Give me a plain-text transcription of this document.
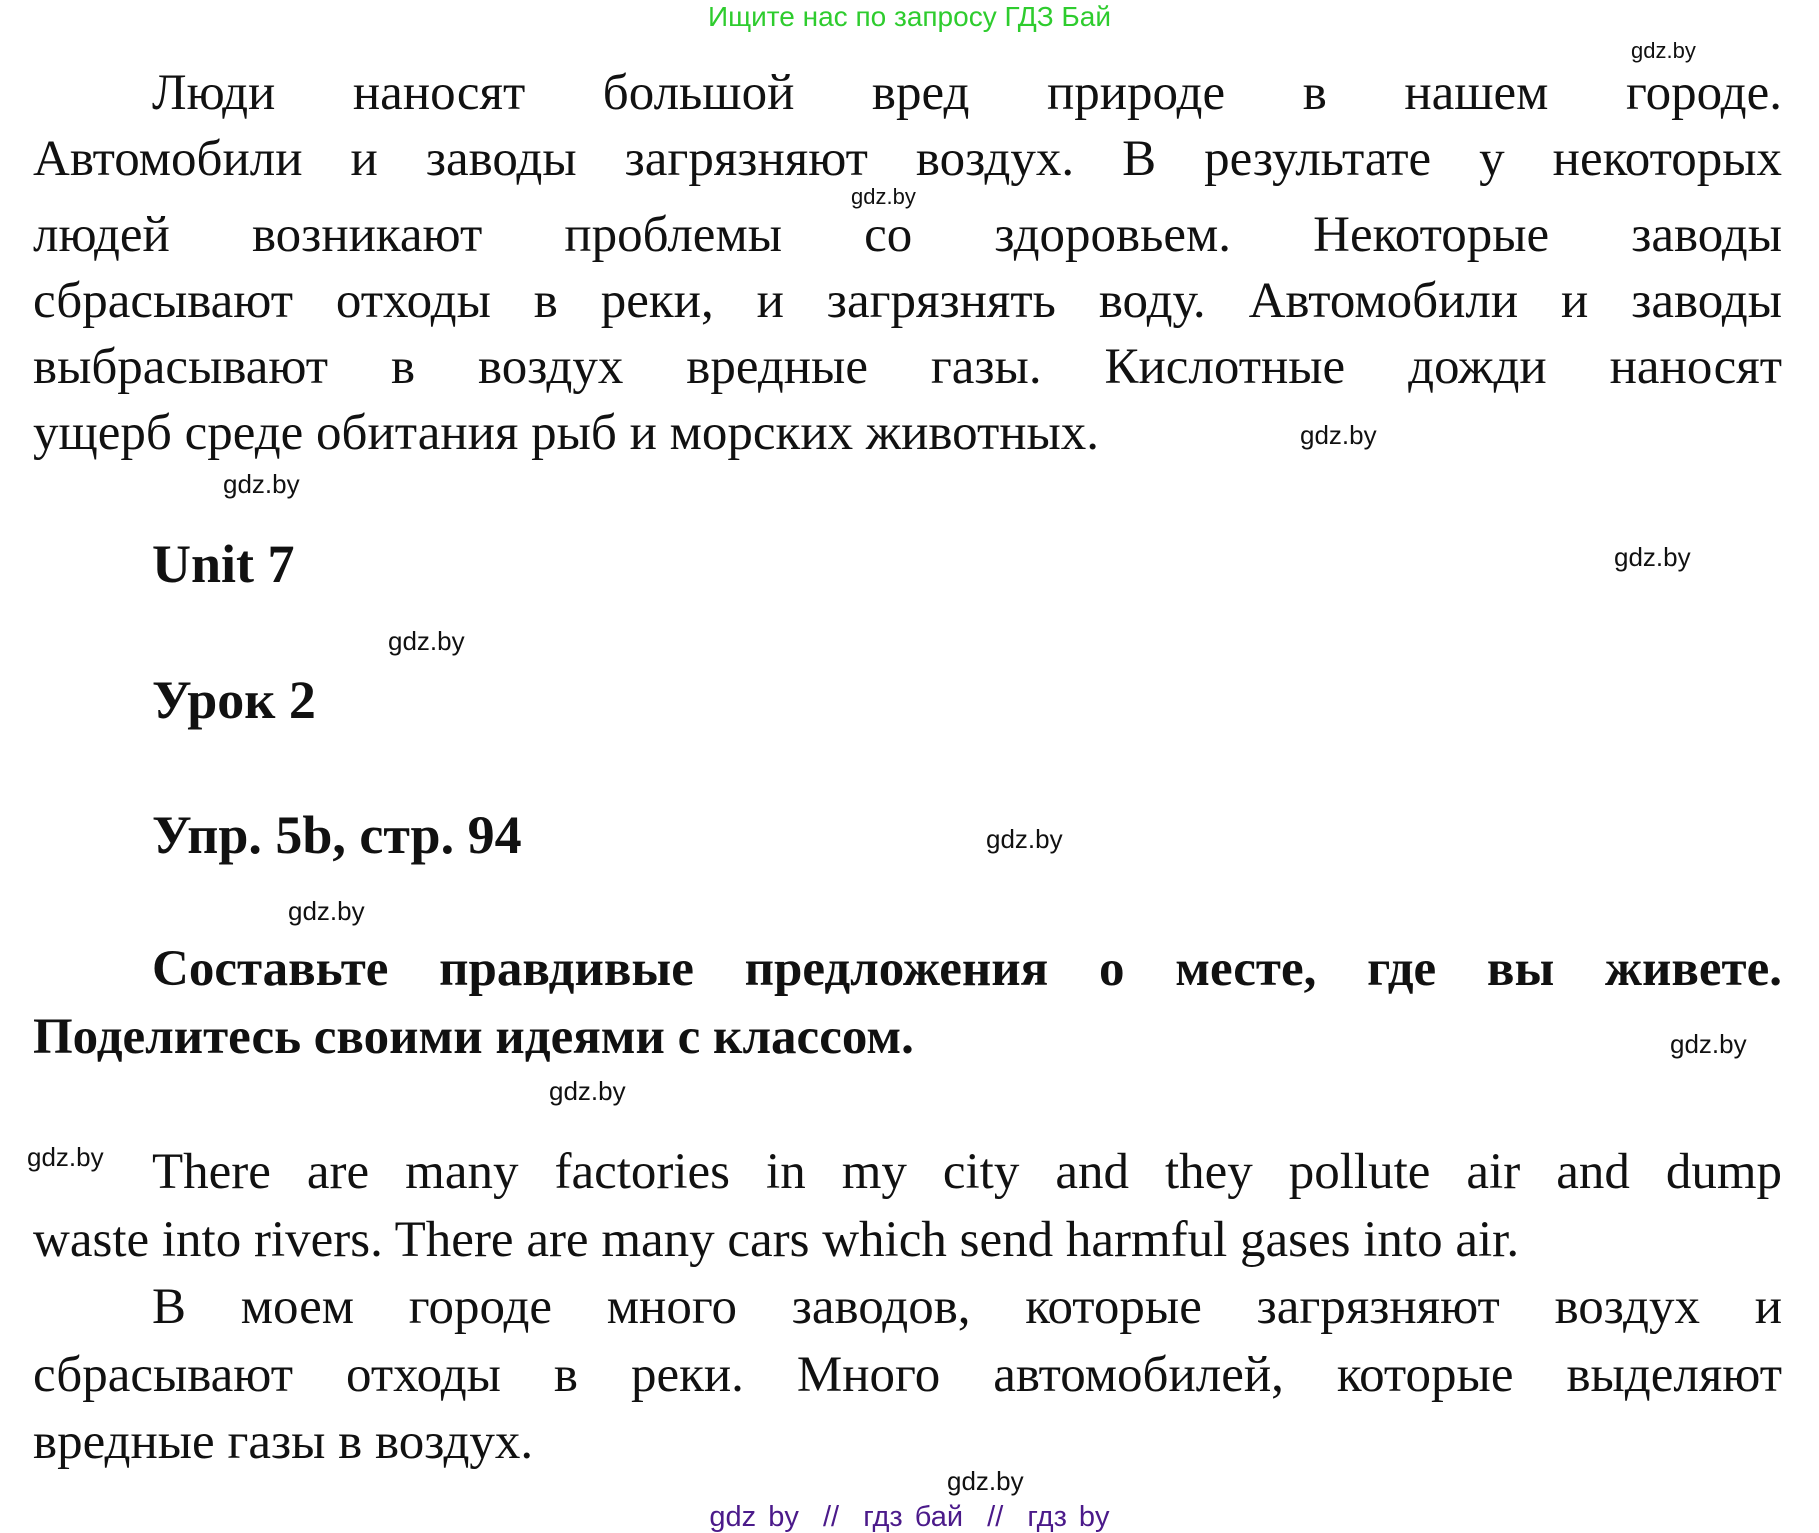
Ищите нас по запросу ГДЗ Бай
Люди наносят большой вред природе в нашем городе.
Автомобили и заводы загрязняют воздух. В результате у некоторых
людей возникают проблемы со здоровьем. Некоторые заводы
сбрасывают отходы в реки, и загрязнять воду. Автомобили и заводы
выбрасывают в воздух вредные газы. Кислотные дожди наносят
ущерб среде обитания рыб и морских животных.
Unit 7
Урок 2
Упр. 5b, стр. 94
Составьте правдивые предложения о месте, где вы живете.
Поделитесь своими идеями с классом.
There are many factories in my city and they pollute air and dump
waste into rivers. There are many cars which send harmful gases into air.
В моем городе много заводов, которые загрязняют воздух и
сбрасывают отходы в реки. Много автомобилей, которые выделяют
вредные газы в воздух.
gdz.by
gdz.by
gdz.by
gdz.by
gdz.by
gdz.by
gdz.by
gdz.by
gdz.by
gdz.by
gdz.by
gdz.by
gdz by  //  гдз бай  //  гдз by
